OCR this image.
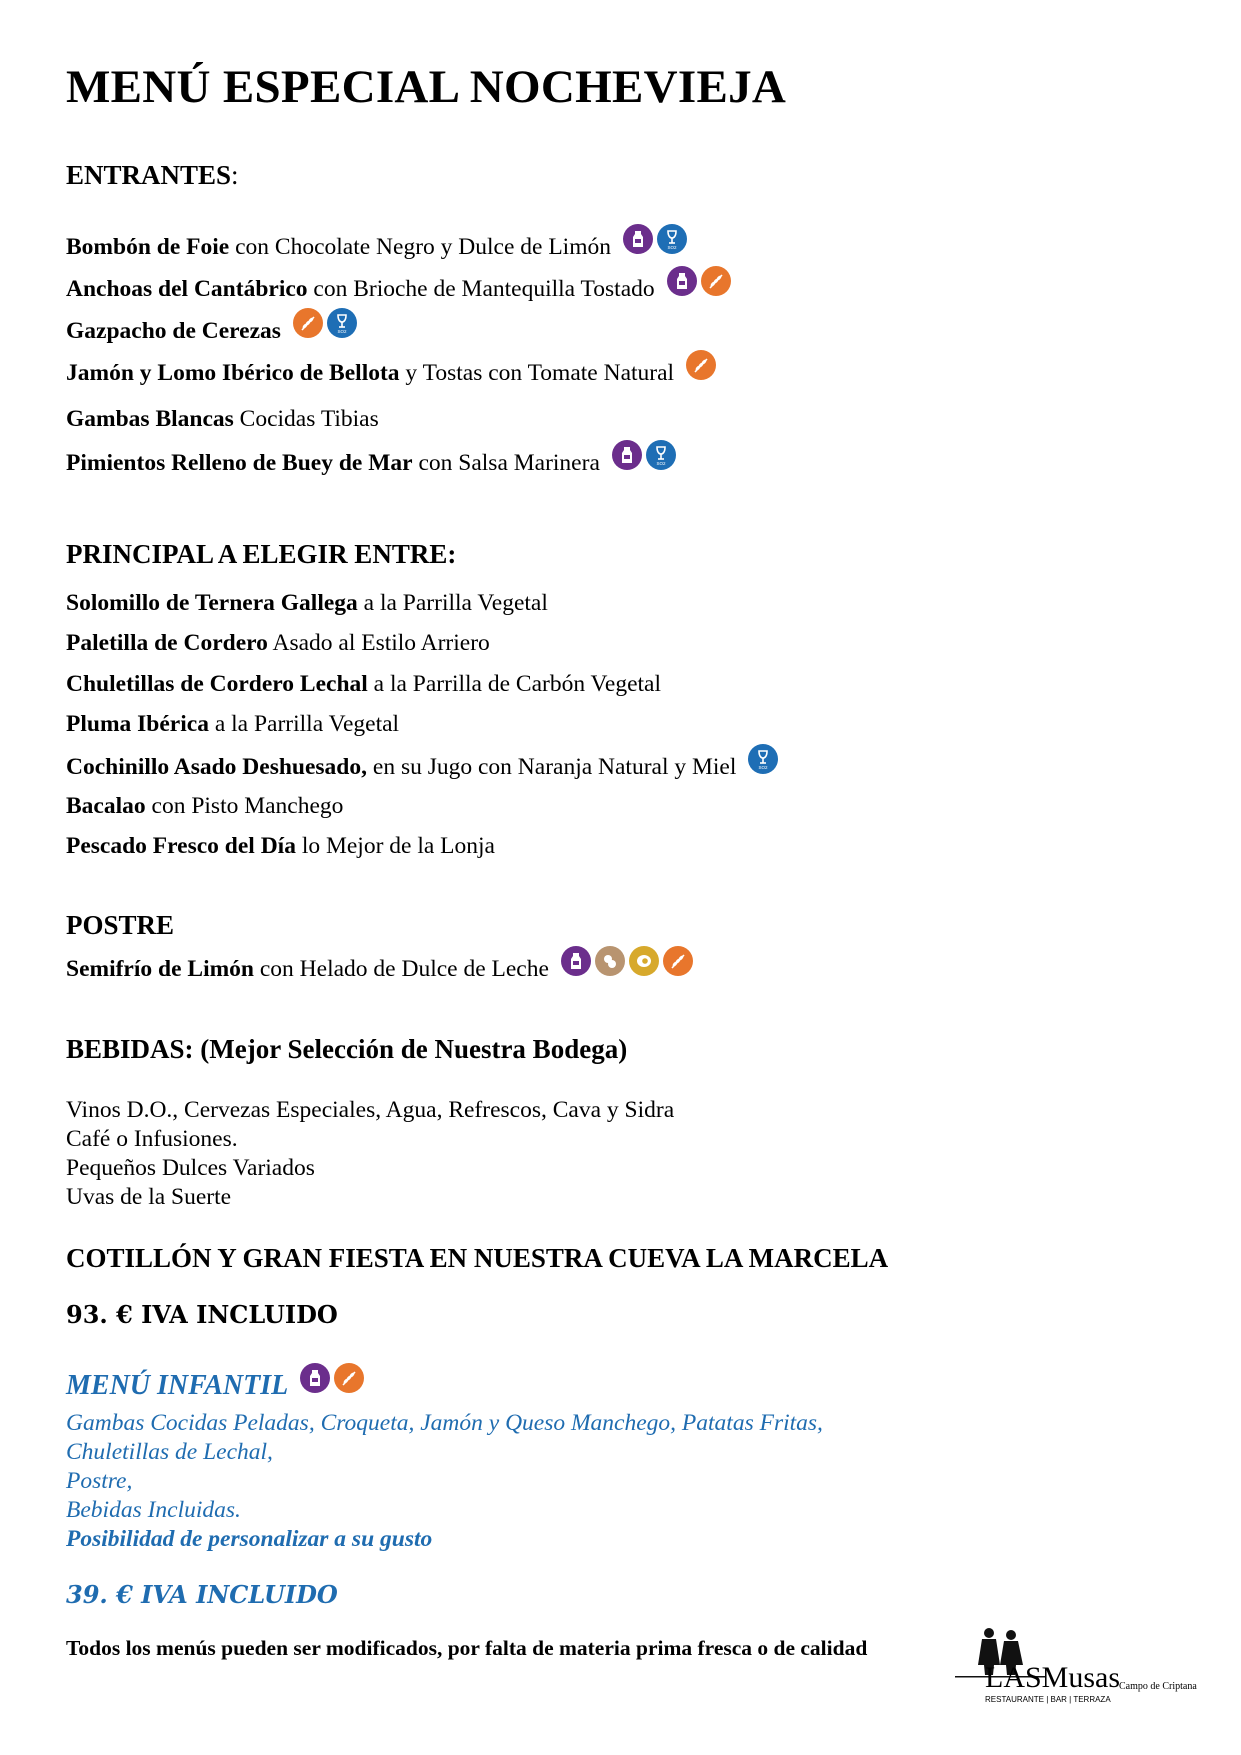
MENÚ ESPECIAL NOCHEVIEJA
ENTRANTES:
Bombón de Foie con Chocolate Negro y Dulce de Limón	SO2
Anchoas del Cantábrico con Brioche de Mantequilla Tostado
Gazpacho de Cerezas	SO2
Jamón y Lomo Ibérico de Bellota y Tostas con Tomate Natural
Gambas Blancas Cocidas Tibias
Pimientos Relleno de Buey de Mar con Salsa Marinera	SO2
PRINCIPAL A ELEGIR ENTRE:
Solomillo de Ternera Gallega a la Parrilla Vegetal
Paletilla de Cordero Asado al Estilo Arriero
Chuletillas de Cordero Lechal a la Parrilla de Carbón Vegetal
Pluma Ibérica a la Parrilla Vegetal
Cochinillo Asado Deshuesado, en su Jugo con Naranja Natural y Miel	SO2
Bacalao con Pisto Manchego
Pescado Fresco del Día lo Mejor de la Lonja
POSTRE
Semifrío de Limón con Helado de Dulce de Leche
BEBIDAS: (Mejor Selección de Nuestra Bodega)
Vinos D.O., Cervezas Especiales, Agua, Refrescos, Cava y Sidra
Café o Infusiones.
Pequeños Dulces Variados
Uvas de la Suerte
COTILLÓN Y GRAN FIESTA EN NUESTRA CUEVA LA MARCELA
93. € IVA INCLUIDO
MENÚ INFANTIL
Gambas Cocidas Peladas, Croqueta, Jamón y Queso Manchego, Patatas Fritas,
Chuletillas de Lechal,
Postre,
Bebidas Incluidas.
Posibilidad de personalizar a su gusto
39. € IVA INCLUIDO
Todos los menús pueden ser modificados, por falta de materia prima fresca o de calidad
LASMusas
RESTAURANTE | BAR | TERRAZA
Campo de Criptana
